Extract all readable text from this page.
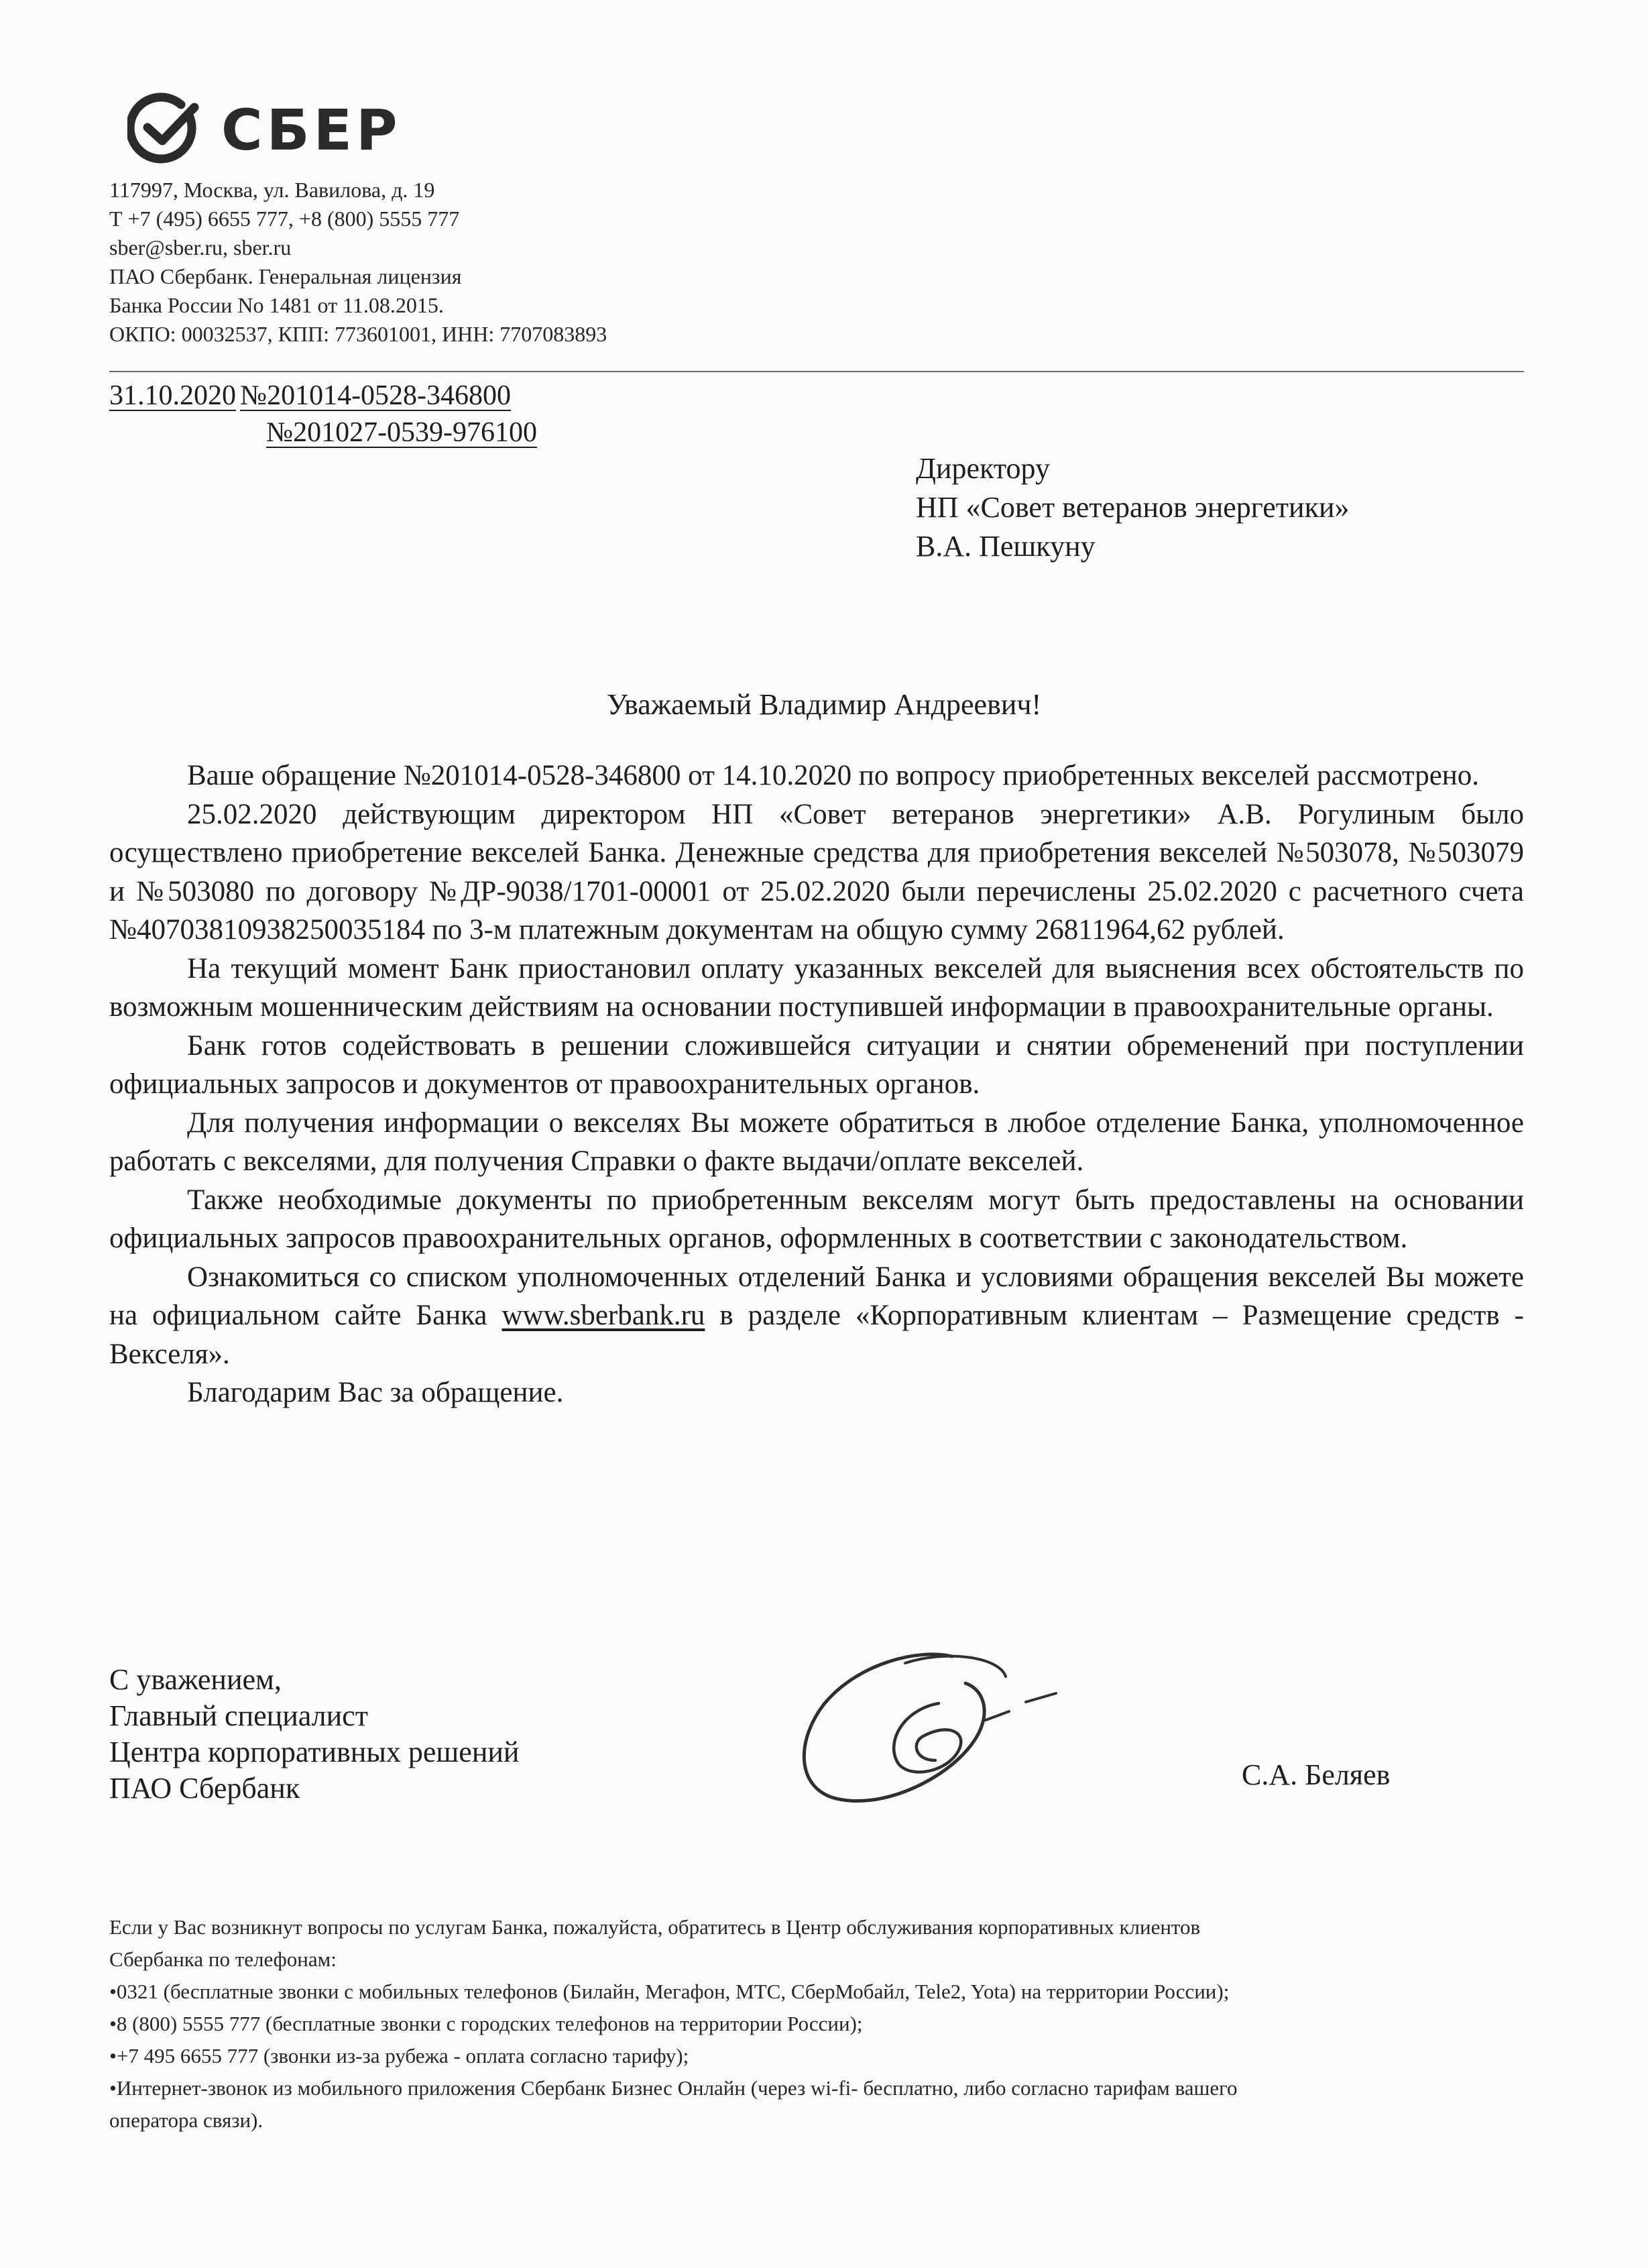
СБЕР
117997, Москва, ул. Вавилова, д. 19
Т +7 (495) 6655 777, +8 (800) 5555 777
sber@sber.ru, sber.ru
ПАО Сбербанк. Генеральная лицензия
Банка России No 1481 от 11.08.2015.
ОКПО: 00032537, КПП: 773601001, ИНН: 7707083893
31.10.2020 №201014-0528-346800
№201027-0539-976100
Директору
НП «Совет ветеранов энергетики»
В.А. Пешкуну
Уважаемый Владимир Андреевич!

Ваше обращение №201014-0528-346800 от 14.10.2020 по вопросу приобретенных векселей рассмотрено.

25.02.2020 действующим директором НП «Совет ветеранов энергетики» А.В. Рогулиным было осуществлено приобретение векселей Банка. Денежные средства для приобретения векселей №503078, №503079 и №503080 по договору №ДР-9038/1701-00001 от 25.02.2020 были перечислены 25.02.2020 с расчетного счета №40703810938250035184 по 3-м платежным документам на общую сумму 26811964,62 рублей.

На текущий момент Банк приостановил оплату указанных векселей для выяснения всех обстоятельств по возможным мошенническим действиям на основании поступившей информации в правоохранительные органы.

Банк готов содействовать в решении сложившейся ситуации и снятии обременений при поступлении официальных запросов и документов от правоохранительных органов.

Для получения информации о векселях Вы можете обратиться в любое отделение Банка, уполномоченное работать с векселями, для получения Справки о факте выдачи/оплате векселей.

Также необходимые документы по приобретенным векселям могут быть предоставлены на основании официальных запросов правоохранительных органов, оформленных в соответствии с законодательством.

Ознакомиться со списком уполномоченных отделений Банка и условиями обращения векселей Вы можете на официальном сайте Банка www.sberbank.ru в разделе «Корпоративным клиентам – Размещение средств - Векселя».

Благодарим Вас за обращение.

С уважением,
Главный специалист
Центра корпоративных решений
ПАО Сбербанк	С.А. Беляев
Если у Вас возникнут вопросы по услугам Банка, пожалуйста, обратитесь в Центр обслуживания корпоративных клиентов
Сбербанка по телефонам:
•0321 (бесплатные звонки с мобильных телефонов (Билайн, Мегафон, МТС, СберМобайл, Tele2, Yota) на территории России);
•8 (800) 5555 777 (бесплатные звонки с городских телефонов на территории России);
•+7 495 6655 777 (звонки из-за рубежа - оплата согласно тарифу);
•Интернет-звонок из мобильного приложения Сбербанк Бизнес Онлайн (через wi-fi- бесплатно, либо согласно тарифам вашего
оператора связи).
